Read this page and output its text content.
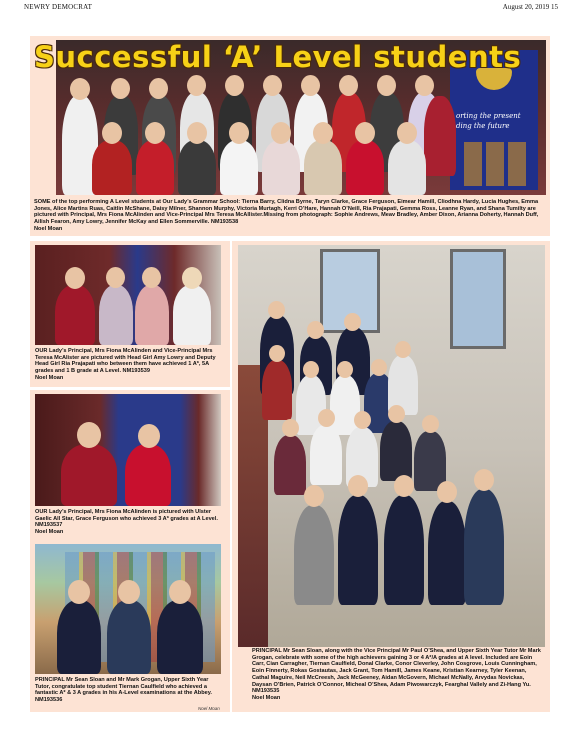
NEWRY DEMOCRAT	August 20, 2019 15
orting the present
ding the future
Successful ‘A’ Level students
SOME of the top performing A Level students at Our Lady’s Grammar School: Tierna Barry, Clidna Byrne, Taryn Clarke, Grace Ferguson, Eimear Hamill, Cliodhna Hardy, Lucia Hughes, Emma Jones, Alice Martins Ruas, Caitlin McShane, Daisy Milner, Shannon Murphy, Victoria Murtagh, Kerri O’Hare, Hannah O’Neill, Ria Prajapati, Gemma Ross, Leanne Ryan, and Shana Tumilty are pictured with Principal, Mrs Fiona McAlinden and Vice-Principal Mrs Teresa McAllister.Missing from photograph: Sophie Andrews, Meav Bradley, Amber Dixon, Arianna Doherty, Hannah Duff, Ailish Fearon, Amy Lowry, Jennifer McKay and Ellen Sommerville. NM193538
Noel Moan
OUR Lady’s Principal, Mrs Fiona McAlinden and Vice-Principal Mrs Teresa McAlister are pictured with Head Girl Amy Lowry and Deputy Head Girl Ria Prajapati who between them have achieved 1 A*, 5A grades and 1 B grade at A Level. NM193539
Noel Moan
OUR Lady’s Principal, Mrs Fiona McAlinden is pictured with Ulster Gaelic All Star, Grace Ferguson who achieved 3 A* grades at A Level. NM193537
Noel Moan
PRINCIPAL Mr Sean Sloan and Mr Mark Grogan, Upper Sixth Year Tutor, congratulate top student Tiernan Caulfield who achieved a fantastic A* & 3 A grades in his A-Level examinations at the Abbey. NM193536
Noel Moan
PRINCIPAL Mr Sean Sloan, along with the Vice Principal Mr Paul O’Shea, and Upper Sixth Year Tutor Mr Mark Grogan, celebrate with some of the high achievers gaining 3 or 4 A*/A grades at A level. Included are Eoin Carr, Cian Carragher, Tiernan Caulfield, Donal Clarke, Conor Cleverley, John Cosgrove, Louis Cunningham, Eoin Finnerty, Rokas Gostautas, Jack Grant, Tom Hamill, James Keane, Kristian Kearney, Tyler Keenan, Cathal Maguire, Neil McCreesh, Jack McGeeney, Aidan McGovern, Michael McNally, Arvydas Novickas, Daysan O’Brien, Patrick O’Connor, Micheal O’Shea, Adam Piwowarczyk, Fearghal Vallely and Zi-Hang Yu. NM193535
Noel Moan
